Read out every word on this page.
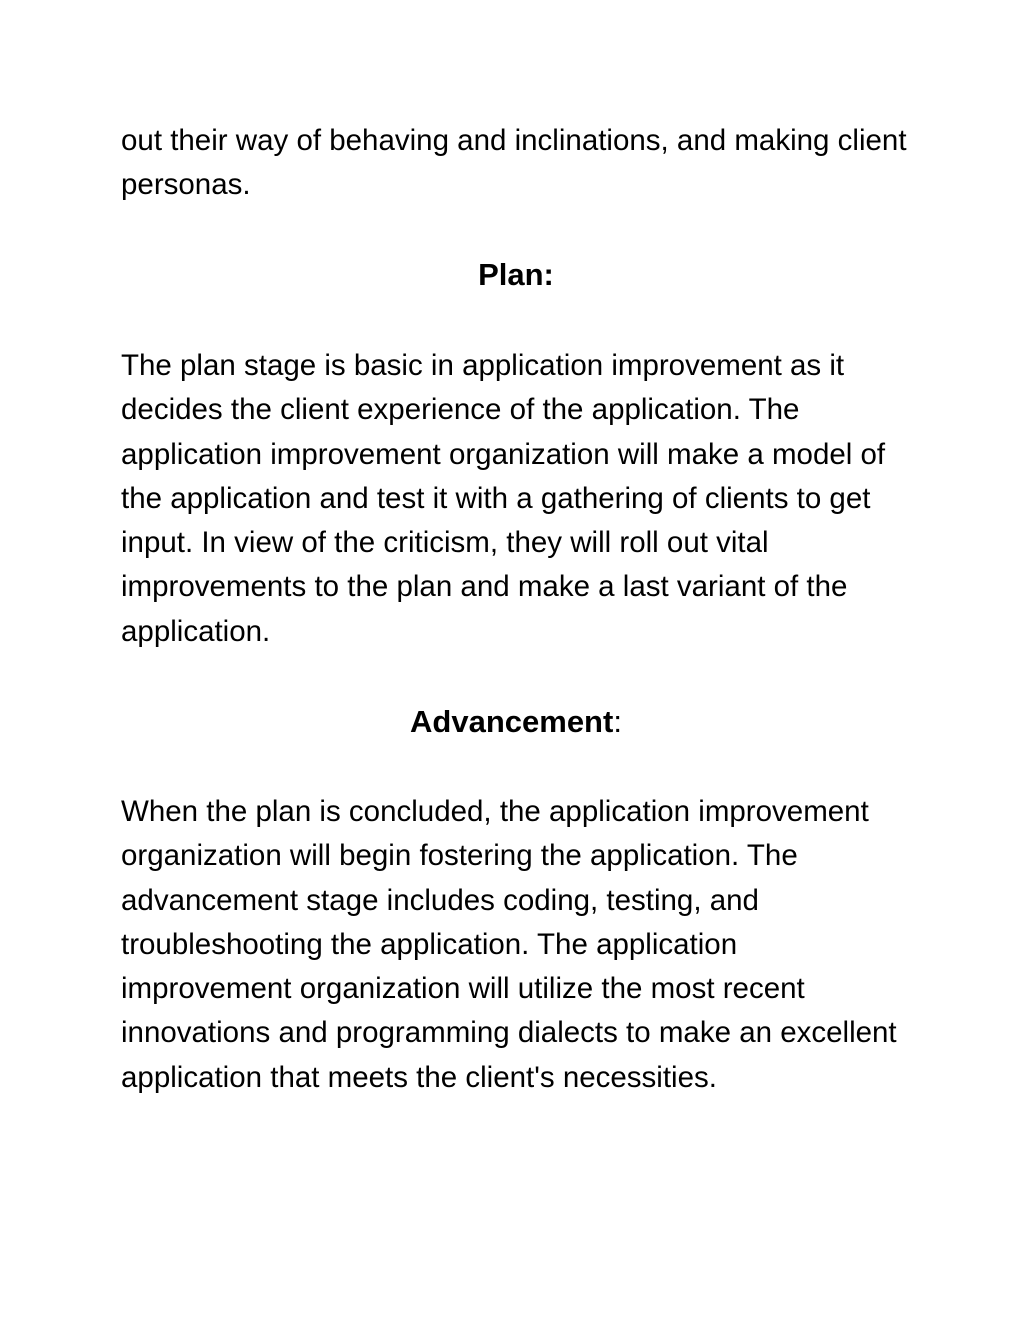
out their way of behaving and inclinations, and making client personas.

Plan:

The plan stage is basic in application improvement as it decides the client experience of the application. The application improvement organization will make a model of the application and test it with a gathering of clients to get input. In view of the criticism, they will roll out vital improvements to the plan and make a last variant of the application.

Advancement:

When the plan is concluded, the application improvement organization will begin fostering the application. The advancement stage includes coding, testing, and troubleshooting the application. The application improvement organization will utilize the most recent innovations and programming dialects to make an excellent application that meets the client's necessities.
